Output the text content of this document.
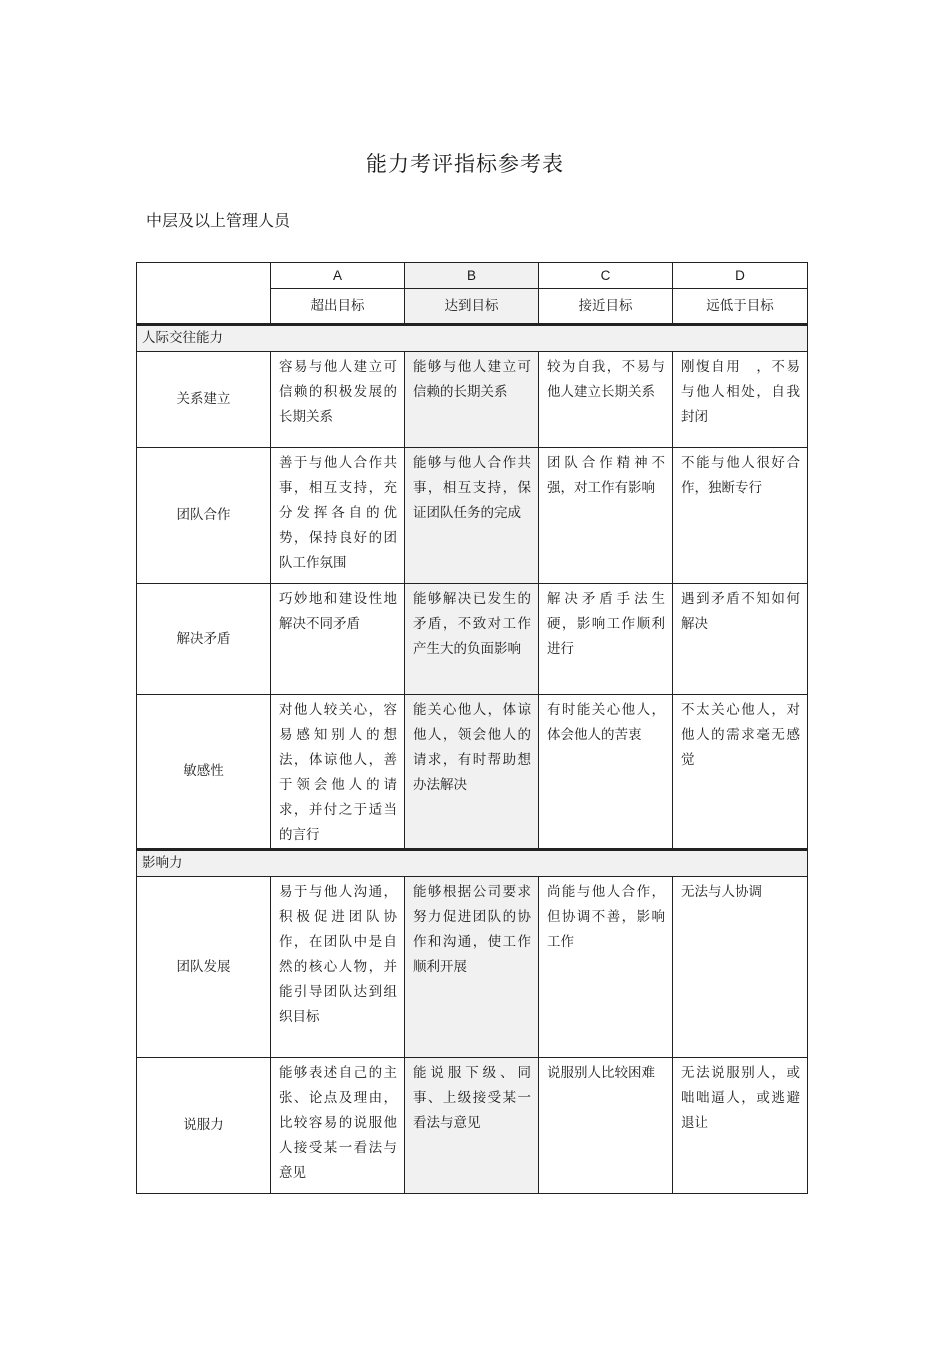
能力考评指标参考表
中层及以上管理人员
	A	B	C	D
	超出目标	达到目标	接近目标	远低于目标
人际交往能力				
关系建立	容易与他人建立可信赖的积极发展的长期关系	能够与他人建立可信赖的长期关系	较为自我，不易与他人建立长期关系	刚愎自用　，不易与他人相处，自我封闭
团队合作	善于与他人合作共事，相互支持，充分发挥各自的优势，保持良好的团队工作氛围	能够与他人合作共事，相互支持，保证团队任务的完成	团队合作精神不强，对工作有影响	不能与他人很好合作，独断专行
解决矛盾	巧妙地和建设性地解决不同矛盾	能够解决已发生的矛盾，不致对工作产生大的负面影响	解决矛盾手法生硬，影响工作顺利进行	遇到矛盾不知如何解决
敏感性	对他人较关心，容易感知别人的想法，体谅他人，善于领会他人的请求，并付之于适当的言行	能关心他人，体谅他人，领会他人的请求，有时帮助想办法解决	有时能关心他人，体会他人的苦衷	不太关心他人，对他人的需求毫无感觉
影响力				
团队发展	易于与他人沟通，积极促进团队协作，在团队中是自然的核心人物，并能引导团队达到组织目标	能够根据公司要求努力促进团队的协作和沟通，使工作顺利开展	尚能与他人合作，但协调不善，影响工作	无法与人协调
说服力	能够表述自己的主张、论点及理由，比较容易的说服他人接受某一看法与意见	能说服下级、同事、上级接受某一看法与意见	说服别人比较困难	无法说服别人，或咄咄逼人，或逃避退让
